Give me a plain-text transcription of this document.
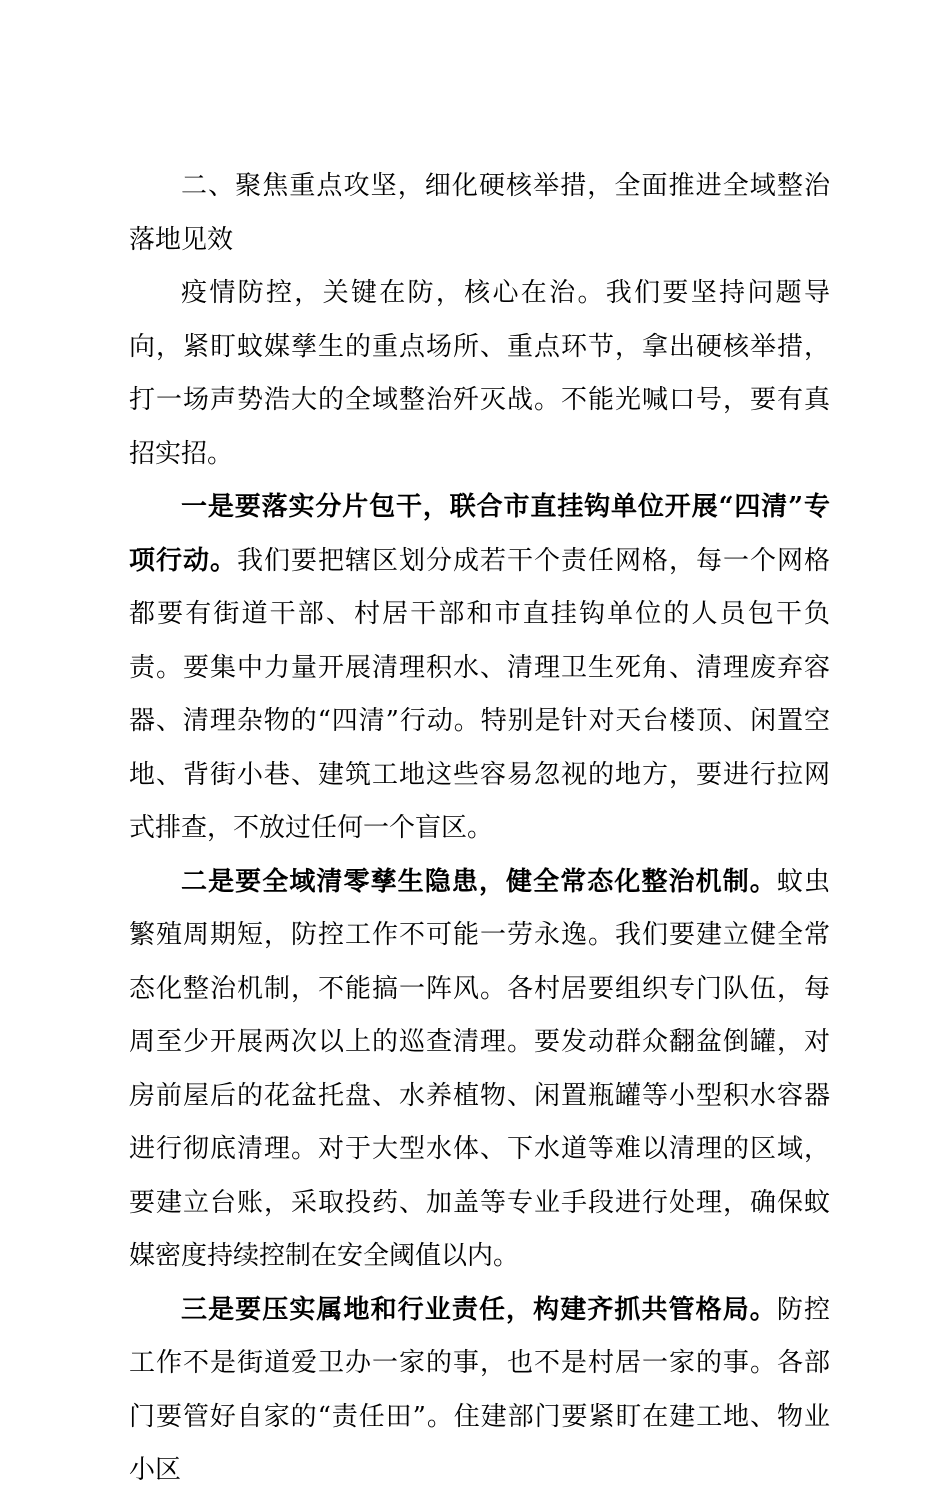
二、聚焦重点攻坚，细化硬核举措，全面推进全域整治落地见效

疫情防控，关键在防，核心在治。我们要坚持问题导向，紧盯蚊媒孳生的重点场所、重点环节，拿出硬核举措，打一场声势浩大的全域整治歼灭战。不能光喊口号，要有真招实招。

一是要落实分片包干，联合市直挂钩单位开展“四清”专项行动。我们要把辖区划分成若干个责任网格，每一个网格都要有街道干部、村居干部和市直挂钩单位的人员包干负责。要集中力量开展清理积水、清理卫生死角、清理废弃容器、清理杂物的“四清”行动。特别是针对天台楼顶、闲置空地、背街小巷、建筑工地这些容易忽视的地方，要进行拉网式排查，不放过任何一个盲区。

二是要全域清零孳生隐患，健全常态化整治机制。蚊虫繁殖周期短，防控工作不可能一劳永逸。我们要建立健全常态化整治机制，不能搞一阵风。各村居要组织专门队伍，每周至少开展两次以上的巡查清理。要发动群众翻盆倒罐，对房前屋后的花盆托盘、水养植物、闲置瓶罐等小型积水容器进行彻底清理。对于大型水体、下水道等难以清理的区域，要建立台账，采取投药、加盖等专业手段进行处理，确保蚊媒密度持续控制在安全阈值以内。

三是要压实属地和行业责任，构建齐抓共管格局。防控工作不是街道爱卫办一家的事，也不是村居一家的事。各部门要管好自家的“责任田”。住建部门要紧盯在建工地、物业小区
